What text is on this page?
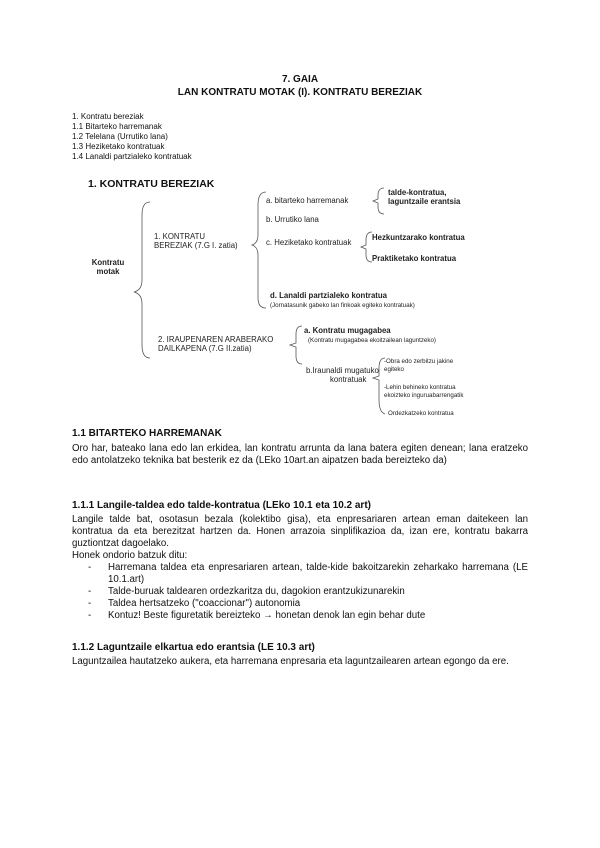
7. GAIA
LAN KONTRATU MOTAK (I). KONTRATU BEREZIAK
1. Kontratu bereziak
1.1 Bitarteko harremanak
1.2 Telelana (Urrutiko lana)
1.3 Heziketako kontratuak
1.4 Lanaldi partzialeko kontratuak
1. KONTRATU BEREZIAK
Kontratu
motak
1. KONTRATU
BEREZIAK (7.G I. zatia)
2. IRAUPENAREN ARABERAKO
DAILKAPENA (7.G II.zatia)
a. bitarteko harremanak
talde-kontratua,
laguntzaile erantsia
b. Urrutiko lana
c. Heziketako kontratuak
Hezkuntzarako kontratua
Praktiketako kontratua
d. Lanaldi partzialeko kontratua
(Jornatasunik gabeko lan finkoak egiteko kontratuak)
a. Kontratu mugagabea
(Kontratu mugagabea ekoitzailean laguntzeko)
b.Iraunaldi mugatuko
kontratuak
-Obra edo zerbitzu jakine
egiteko
-Lehin behineko kontratua
ekoizteko inguruabarrengatik
Ordezkatzeko kontratua
1.1 BITARTEKO HARREMANAK
Oro har, bateako lana edo lan erkidea, lan kontratu arrunta da lana batera egiten denean; lana eratzeko edo antolatzeko teknika bat besterik ez da (LEko 10art.an aipatzen bada bereizteko da)
1.1.1 Langile-taldea edo talde-kontratua (LEko 10.1 eta 10.2 art)
Langile talde bat, osotasun bezala (kolektibo gisa), eta enpresariaren artean eman daitekeen lan kontratua da eta berezitzat hartzen da. Honen arrazoia sinplifikazioa da, izan ere, kontratu bakarra guztiontzat dagoelako.
Honek ondorio batzuk ditu:
- Harremana taldea eta enpresariaren artean, talde-kide bakoitzarekin zeharkako harremana (LE 10.1.art)
- Talde-buruak taldearen ordezkaritza du, dagokion erantzukizunarekin
- Taldea hertsatzeko ("coaccionar") autonomia
- Kontuz! Beste figuretatik bereizteko → honetan denok lan egin behar dute
1.1.2 Laguntzaile elkartua edo erantsia (LE 10.3 art)
Laguntzailea hautatzeko aukera, eta harremana enpresaria eta laguntzailearen artean egongo da ere.
